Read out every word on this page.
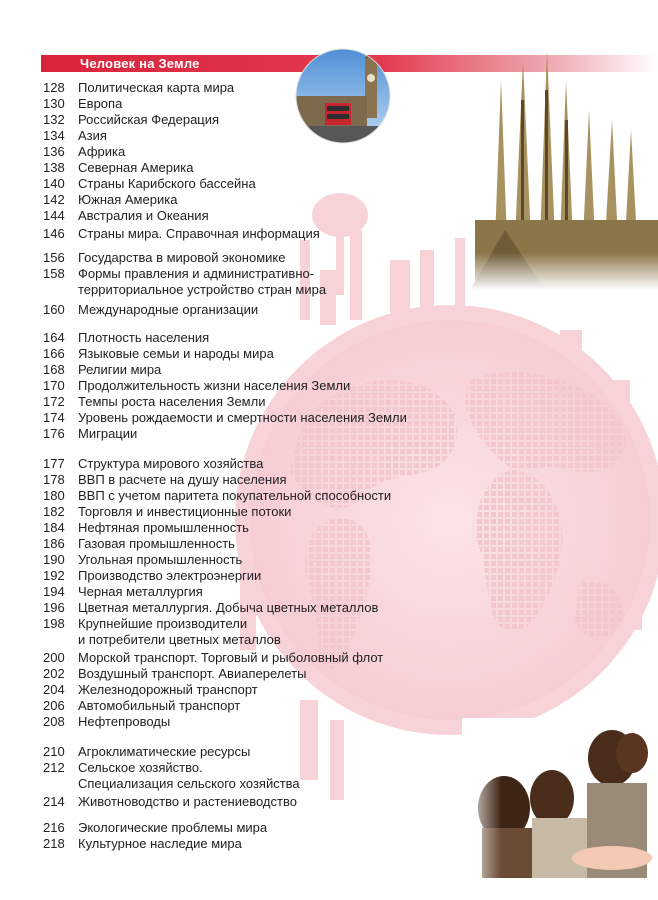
Человек на Земле
128	Политическая карта мира
130	Европа
132	Российская Федерация
134	Азия
136	Африка
138	Северная Америка
140	Страны Карибского бассейна
142	Южная Америка
144	Австралия и Океания
146	Страны мира. Справочная информация
156	Государства в мировой экономике
158	Формы правления и административно-
территориальное устройство стран мира
160	Международные организации
164	Плотность населения
166	Языковые семьи и народы мира
168	Религии мира
170	Продолжительность жизни населения Земли
172	Темпы роста населения Земли
174	Уровень рождаемости и смертности населения Земли
176	Миграции
177	Структура мирового хозяйства
178	ВВП в расчете на душу населения
180	ВВП с учетом паритета покупательной способности
182	Торговля и инвестиционные потоки
184	Нефтяная промышленность
186	Газовая промышленность
190	Угольная промышленность
192	Производство электроэнергии
194	Черная металлургия
196	Цветная металлургия. Добыча цветных металлов
198	Крупнейшие производители
и потребители цветных металлов
200	Морской транспорт. Торговый и рыболовный флот
202	Воздушный транспорт. Авиаперелеты
204	Железнодорожный транспорт
206	Автомобильный транспорт
208	Нефтепроводы
210	Агроклиматические ресурсы
212	Сельское хозяйство.
Специализация сельского хозяйства
214	Животноводство и растениеводство
216	Экологические проблемы мира
218	Культурное наследие мира
